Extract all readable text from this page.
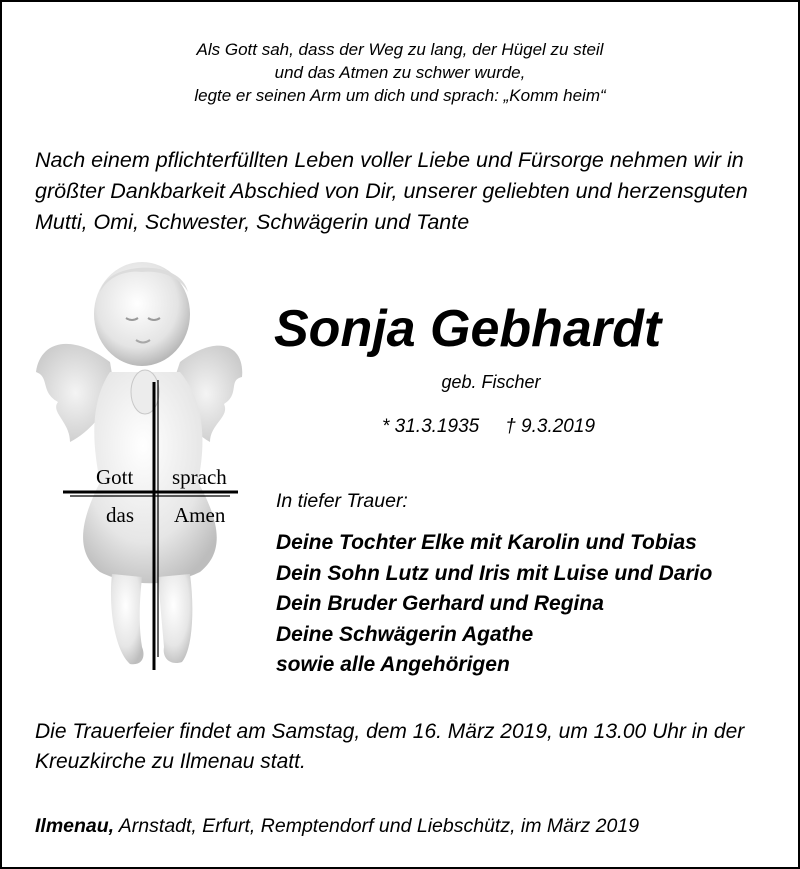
Als Gott sah, dass der Weg zu lang, der Hügel zu steil
und das Atmen zu schwer wurde,
legte er seinen Arm um dich und sprach: „Komm heim“
Nach einem pflichterfüllten Leben voller Liebe und Fürsorge nehmen wir in
größter Dankbarkeit Abschied von Dir, unserer geliebten und herzensguten
Mutti, Omi, Schwester, Schwägerin und Tante
Gott sprach
das Amen
Sonja Gebhardt
geb. Fischer
* 31.3.1935 † 9.3.2019
In tiefer Trauer:
Deine Tochter Elke mit Karolin und Tobias
Dein Sohn Lutz und Iris mit Luise und Dario
Dein Bruder Gerhard und Regina
Deine Schwägerin Agathe
sowie alle Angehörigen
Die Trauerfeier findet am Samstag, dem 16. März 2019, um 13.00 Uhr in der
Kreuzkirche zu Ilmenau statt.
Ilmenau, Arnstadt, Erfurt, Remptendorf und Liebschütz, im März 2019
